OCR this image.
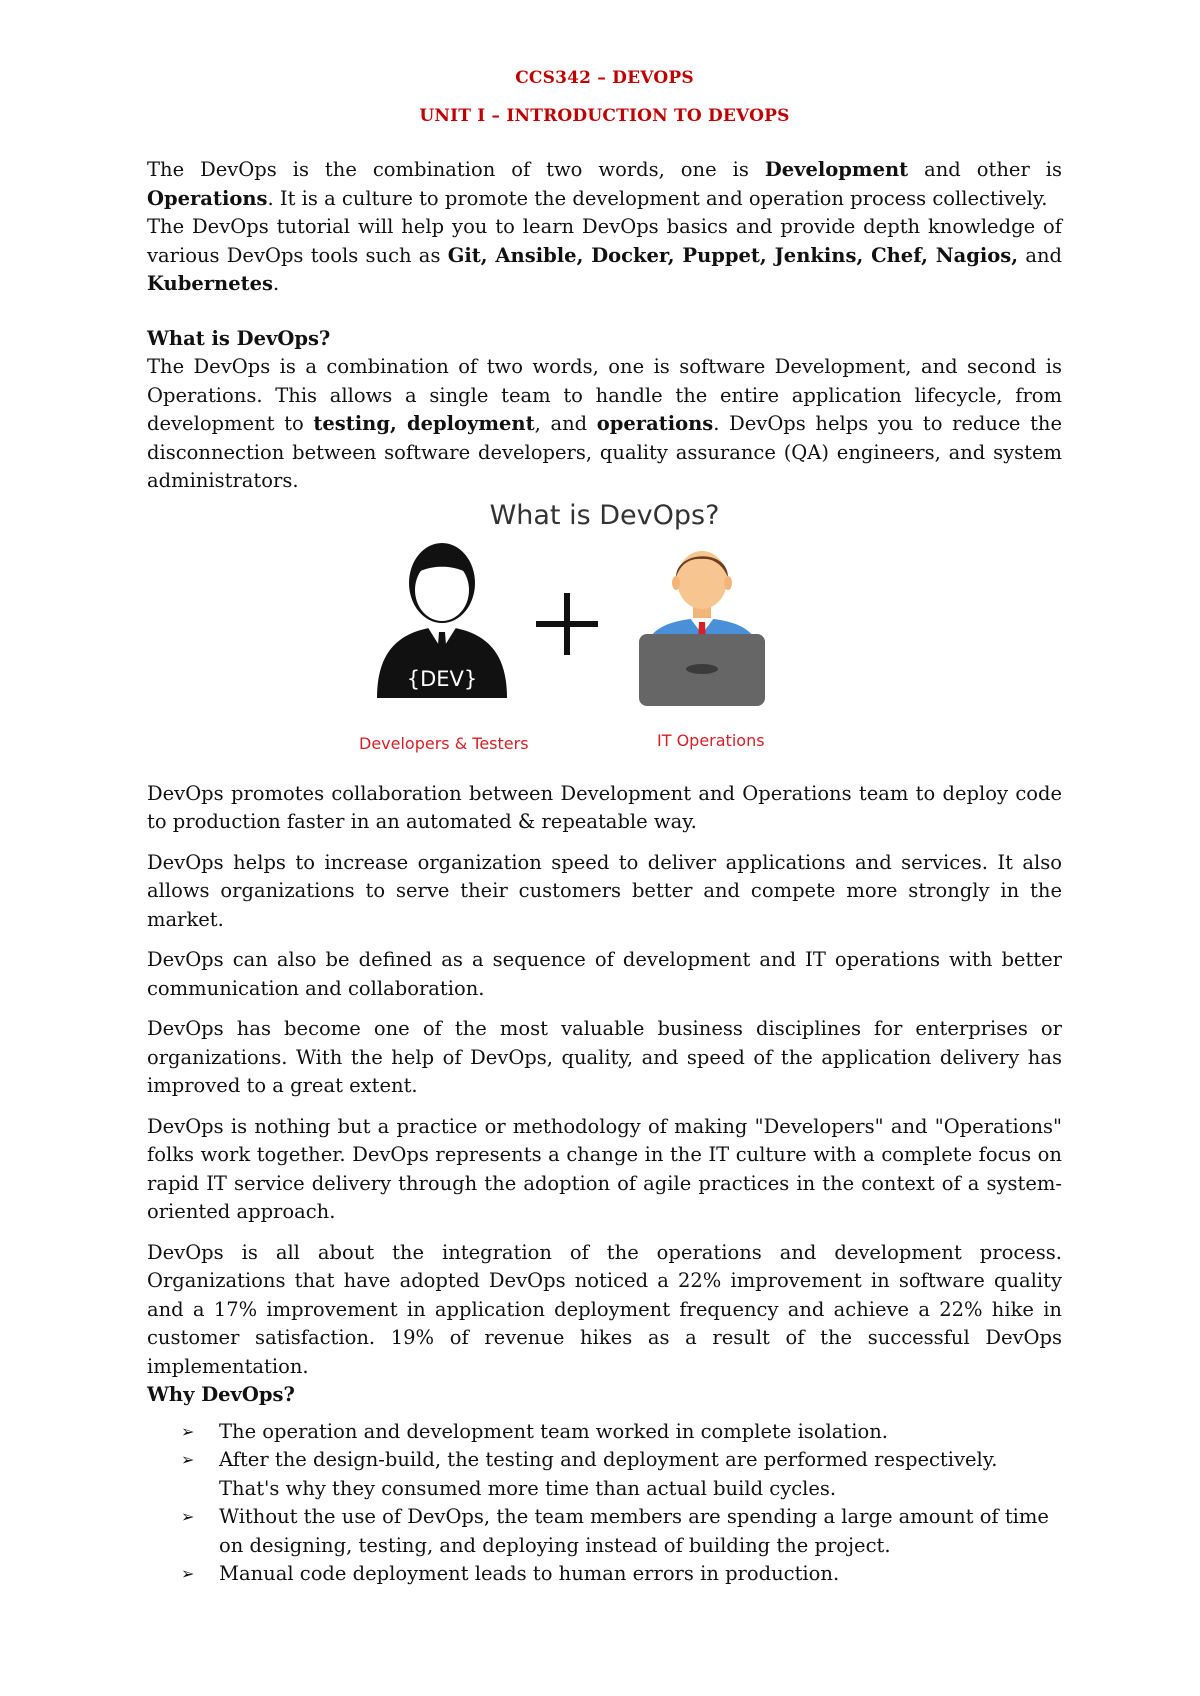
CCS342 – DEVOPS
UNIT I – INTRODUCTION TO DEVOPS

The DevOps is the combination of two words, one is Development and other is Operations. It is a culture to promote the development and operation process collectively.

The DevOps tutorial will help you to learn DevOps basics and provide depth knowledge of various DevOps tools such as Git, Ansible, Docker, Puppet, Jenkins, Chef, Nagios, and Kubernetes.

What is DevOps?

The DevOps is a combination of two words, one is software Development, and second is Operations. This allows a single team to handle the entire application lifecycle, from development to testing, deployment, and operations. DevOps helps you to reduce the disconnection between software developers, quality assurance (QA) engineers, and system administrators.

What is DevOps?
{DEV}
Developers & Testers	IT Operations

DevOps promotes collaboration between Development and Operations team to deploy code to production faster in an automated & repeatable way.

DevOps helps to increase organization speed to deliver applications and services. It also allows organizations to serve their customers better and compete more strongly in the market.

DevOps can also be defined as a sequence of development and IT operations with better communication and collaboration.

DevOps has become one of the most valuable business disciplines for enterprises or organizations. With the help of DevOps, quality, and speed of the application delivery has improved to a great extent.

DevOps is nothing but a practice or methodology of making "Developers" and "Operations" folks work together. DevOps represents a change in the IT culture with a complete focus on rapid IT service delivery through the adoption of agile practices in the context of a system-oriented approach.

DevOps is all about the integration of the operations and development process. Organizations that have adopted DevOps noticed a 22% improvement in software quality and a 17% improvement in application deployment frequency and achieve a 22% hike in customer satisfaction. 19% of revenue hikes as a result of the successful DevOps implementation.

Why DevOps?
➢ The operation and development team worked in complete isolation.
➢ After the design-build, the testing and deployment are performed respectively. That's why they consumed more time than actual build cycles.
➢ Without the use of DevOps, the team members are spending a large amount of time on designing, testing, and deploying instead of building the project.
➢ Manual code deployment leads to human errors in production.
